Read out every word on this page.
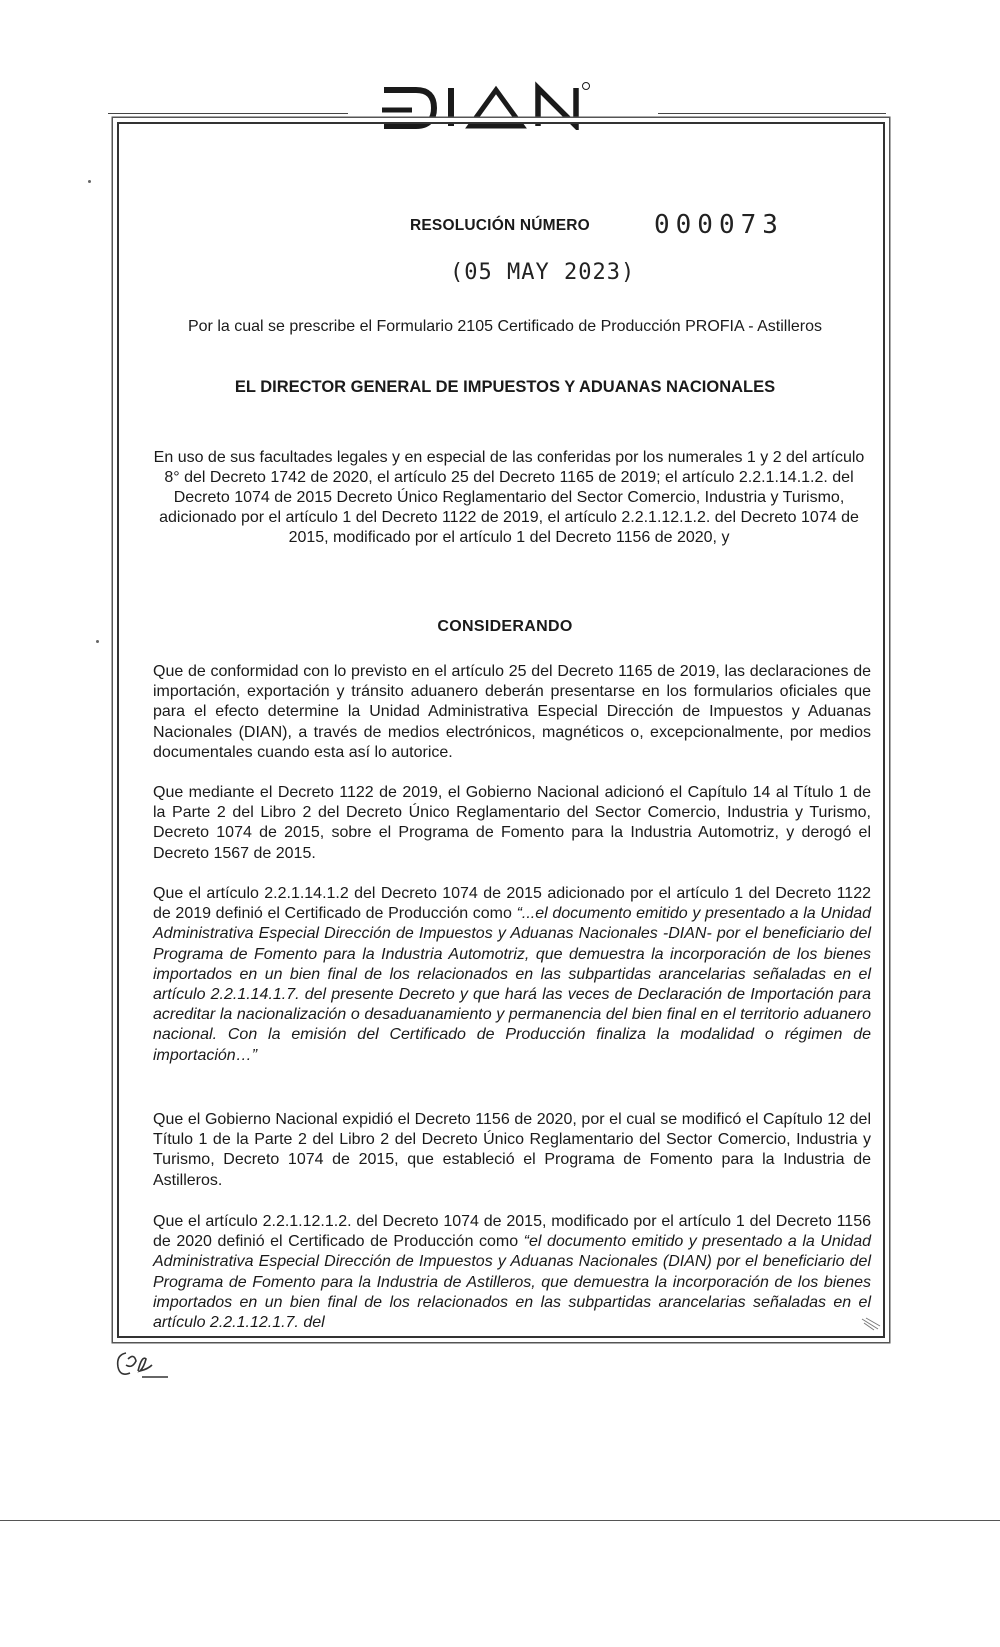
RESOLUCIÓN NÚMERO 000073
(05 MAY 2023)
Por la cual se prescribe el Formulario 2105 Certificado de Producción PROFIA - Astilleros
EL DIRECTOR GENERAL DE IMPUESTOS Y ADUANAS NACIONALES
En uso de sus facultades legales y en especial de las conferidas por los numerales 1 y 2 del artículo 8° del Decreto 1742 de 2020, el artículo 25 del Decreto 1165 de 2019; el artículo 2.2.1.14.1.2. del Decreto 1074 de 2015 Decreto Único Reglamentario del Sector Comercio, Industria y Turismo, adicionado por el artículo 1 del Decreto 1122 de 2019, el artículo 2.2.1.12.1.2. del Decreto 1074 de 2015, modificado por el artículo 1 del Decreto 1156 de 2020, y
CONSIDERANDO
Que de conformidad con lo previsto en el artículo 25 del Decreto 1165 de 2019, las declaraciones de importación, exportación y tránsito aduanero deberán presentarse en los formularios oficiales que para el efecto determine la Unidad Administrativa Especial Dirección de Impuestos y Aduanas Nacionales (DIAN), a través de medios electrónicos, magnéticos o, excepcionalmente, por medios documentales cuando esta así lo autorice.
Que mediante el Decreto 1122 de 2019, el Gobierno Nacional adicionó el Capítulo 14 al Título 1 de la Parte 2 del Libro 2 del Decreto Único Reglamentario del Sector Comercio, Industria y Turismo, Decreto 1074 de 2015, sobre el Programa de Fomento para la Industria Automotriz, y derogó el Decreto 1567 de 2015.
Que el artículo 2.2.1.14.1.2 del Decreto 1074 de 2015 adicionado por el artículo 1 del Decreto 1122 de 2019 definió el Certificado de Producción como “...el documento emitido y presentado a la Unidad Administrativa Especial Dirección de Impuestos y Aduanas Nacionales -DIAN- por el beneficiario del Programa de Fomento para la Industria Automotriz, que demuestra la incorporación de los bienes importados en un bien final de los relacionados en las subpartidas arancelarias señaladas en el artículo 2.2.1.14.1.7. del presente Decreto y que hará las veces de Declaración de Importación para acreditar la nacionalización o desaduanamiento y permanencia del bien final en el territorio aduanero nacional. Con la emisión del Certificado de Producción finaliza la modalidad o régimen de importación…”
Que el Gobierno Nacional expidió el Decreto 1156 de 2020, por el cual se modificó el Capítulo 12 del Título 1 de la Parte 2 del Libro 2 del Decreto Único Reglamentario del Sector Comercio, Industria y Turismo, Decreto 1074 de 2015, que estableció el Programa de Fomento para la Industria de Astilleros.
Que el artículo 2.2.1.12.1.2. del Decreto 1074 de 2015, modificado por el artículo 1 del Decreto 1156 de 2020 definió el Certificado de Producción como “el documento emitido y presentado a la Unidad Administrativa Especial Dirección de Impuestos y Aduanas Nacionales (DIAN) por el beneficiario del Programa de Fomento para la Industria de Astilleros, que demuestra la incorporación de los bienes importados en un bien final de los relacionados en las subpartidas arancelarias señaladas en el artículo 2.2.1.12.1.7. del
